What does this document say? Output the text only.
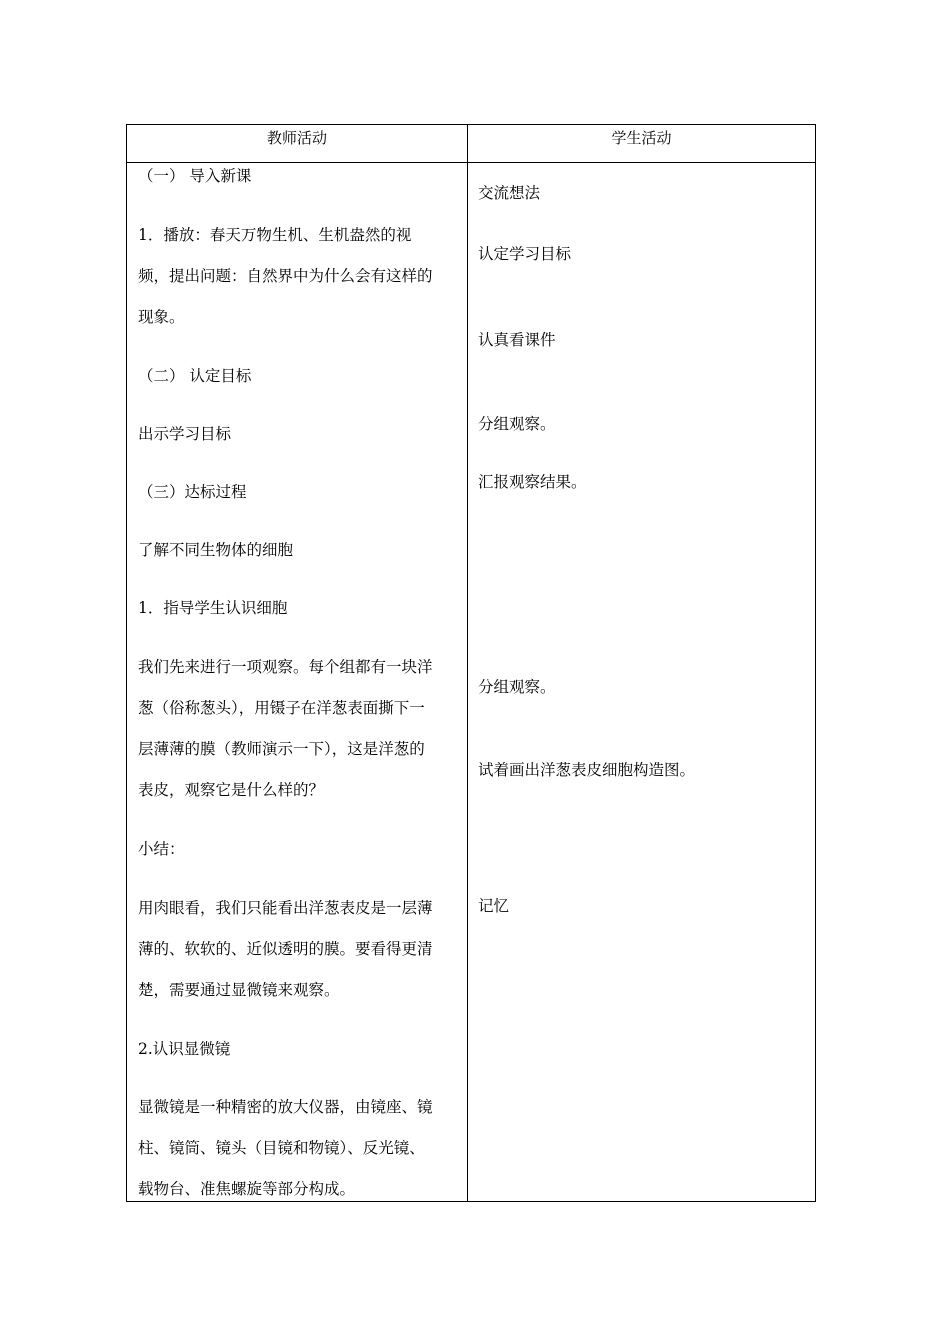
教师活动	学生活动
（一） 导入新课
1．播放：春天万物生机、生机盎然的视
频，提出问题：自然界中为什么会有这样的
现象。
（二） 认定目标
出示学习目标
（三）达标过程
了解不同生物体的细胞
1．指导学生认识细胞
我们先来进行一项观察。每个组都有一块洋
葱（俗称葱头），用镊子在洋葱表面撕下一
层薄薄的膜（教师演示一下），这是洋葱的
表皮，观察它是什么样的？
小结：
用肉眼看，我们只能看出洋葱表皮是一层薄
薄的、软软的、近似透明的膜。要看得更清
楚，需要通过显微镜来观察。
2.认识显微镜
显微镜是一种精密的放大仪器，由镜座、镜
柱、镜筒、镜头（目镜和物镜）、反光镜、
载物台、准焦螺旋等部分构成。
交流想法
认定学习目标
认真看课件
分组观察。
汇报观察结果。
分组观察。
试着画出洋葱表皮细胞构造图。
记忆
